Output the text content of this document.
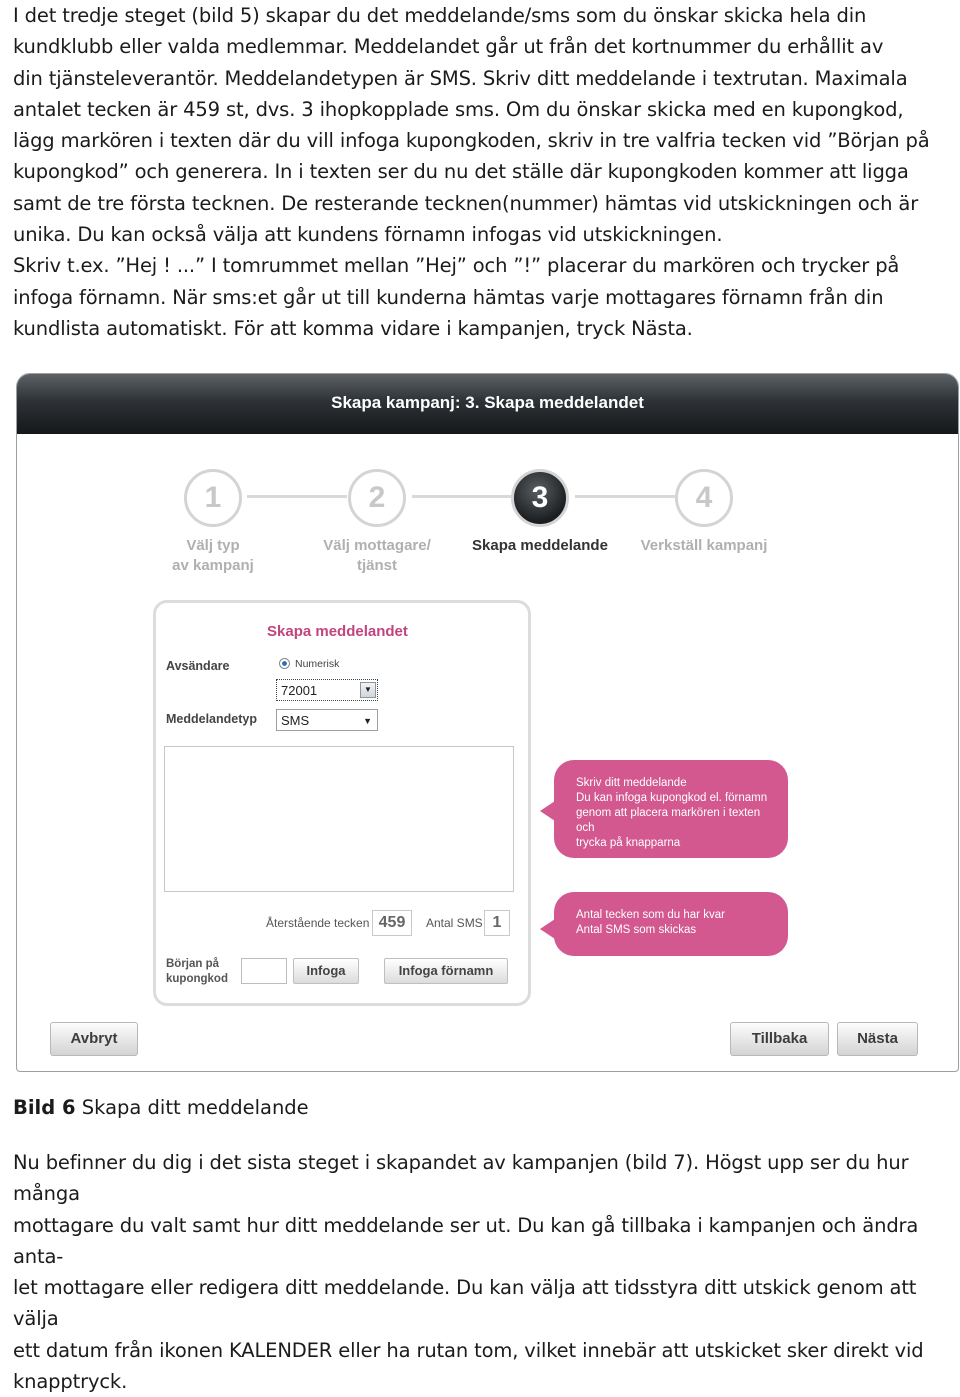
I det tredje steget (bild 5) skapar du det meddelande/sms som du önskar skicka hela din
kundklubb eller valda medlemmar. Meddelandet går ut från det kortnummer du erhållit av
din tjänsteleverantör. Meddelandetypen är SMS. Skriv ditt meddelande i textrutan. Maximala
antalet tecken är 459 st, dvs. 3 ihopkopplade sms. Om du önskar skicka med en kupongkod,
lägg markören i texten där du vill infoga kupongkoden, skriv in tre valfria tecken vid ”Början på
kupongkod” och generera. In i texten ser du nu det ställe där kupongkoden kommer att ligga
samt de tre första tecknen. De resterande tecknen(nummer) hämtas vid utskickningen och är
unika. Du kan också välja att kundens förnamn infogas vid utskickningen.
Skriv t.ex. ”Hej ! ...” I tomrummet mellan ”Hej” och ”!” placerar du markören och trycker på
infoga förnamn. När sms:et går ut till kunderna hämtas varje mottagares förnamn från din
kundlista automatiskt. För att komma vidare i kampanjen, tryck Nästa.
Skapa kampanj: 3. Skapa meddelandet
1	2	3	4
Välj typ
av kampanj
Välj mottagare/
tjänst
Skapa meddelande	Verkställ kampanj
Skapa meddelandet
Avsändare	Numerisk
72001	▼
Meddelandetyp	SMS	▼
Återstående tecken 459	Antal SMS 1
Början på
kupongkod
Infoga	Infoga förnamn
Skriv ditt meddelande
Du kan infoga kupongkod el. förnamn
genom att placera markören i texten och
trycka på knapparna
Antal tecken som du har kvar
Antal SMS som skickas
Avbryt	Tillbaka	Nästa
Bild 6 Skapa ditt meddelande
Nu befinner du dig i det sista steget i skapandet av kampanjen (bild 7). Högst upp ser du hur många
mottagare du valt samt hur ditt meddelande ser ut. Du kan gå tillbaka i kampanjen och ändra anta-
let mottagare eller redigera ditt meddelande. Du kan välja att tidsstyra ditt utskick genom att välja
ett datum från ikonen KALENDER eller ha rutan tom, vilket innebär att utskicket sker direkt vid
knapptryck.
